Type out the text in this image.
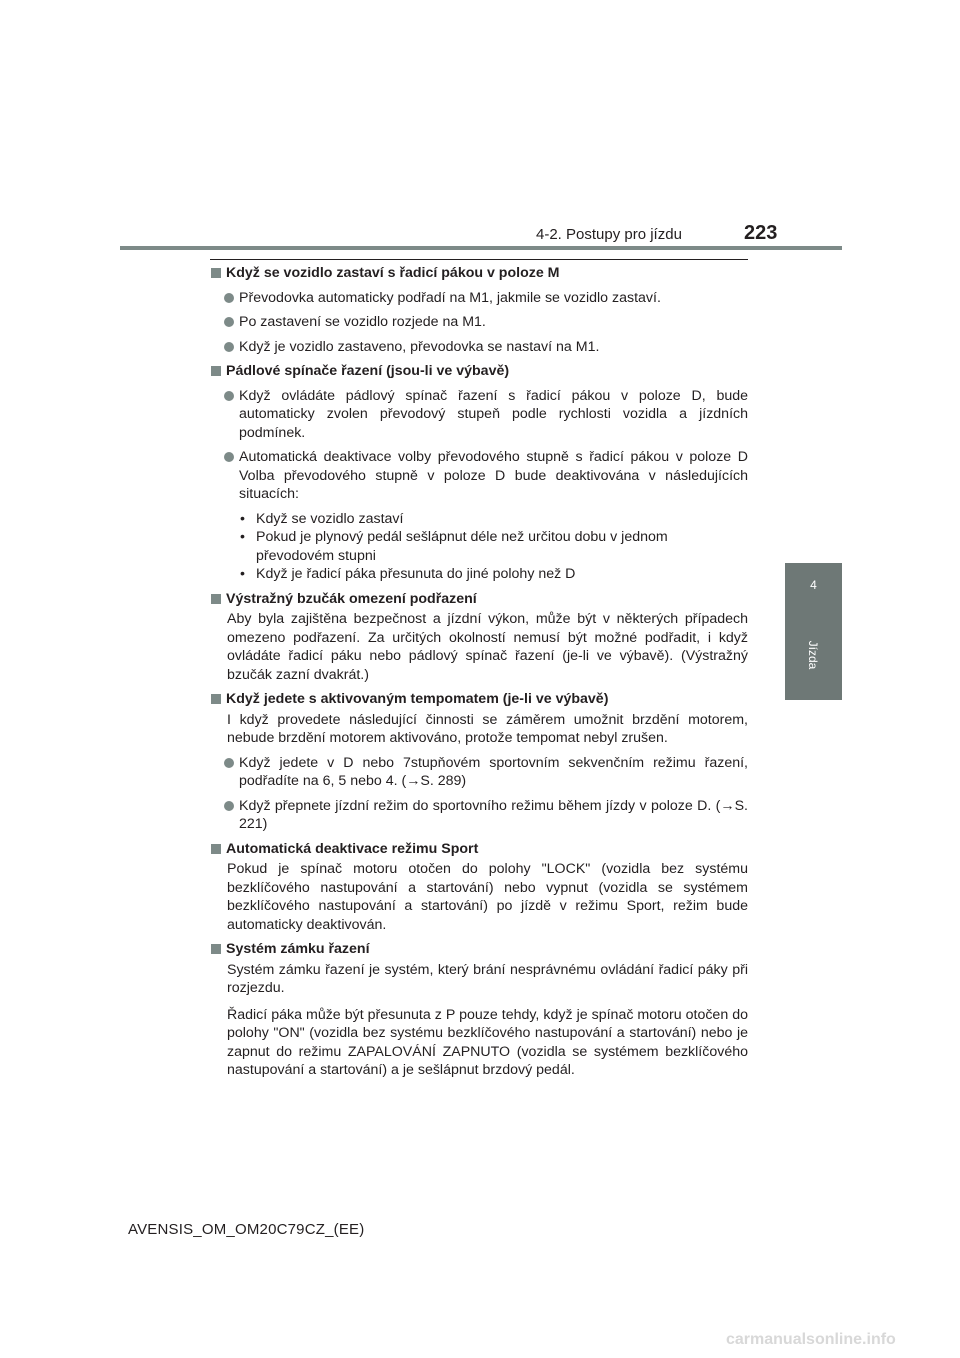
4-2. Postupy pro jízdu	223
4
Jízda
Když se vozidlo zastaví s řadicí pákou v poloze M
Převodovka automaticky podřadí na M1, jakmile se vozidlo zastaví.
Po zastavení se vozidlo rozjede na M1.
Když je vozidlo zastaveno, převodovka se nastaví na M1.
Pádlové spínače řazení (jsou-li ve výbavě)
Když ovládáte pádlový spínač řazení s řadicí pákou v poloze D, bude automaticky zvolen převodový stupeň podle rychlosti vozidla a jízdních podmínek.
Automatická deaktivace volby převodového stupně s řadicí pákou v poloze D Volba převodového stupně v poloze D bude deaktivována v následujících situacích:
• Když se vozidlo zastaví
• Pokud je plynový pedál sešlápnut déle než určitou dobu v jednom převodovém stupni
• Když je řadicí páka přesunuta do jiné polohy než D
Výstražný bzučák omezení podřazení
Aby byla zajištěna bezpečnost a jízdní výkon, může být v některých případech omezeno podřazení. Za určitých okolností nemusí být možné podřadit, i když ovládáte řadicí páku nebo pádlový spínač řazení (je-li ve výbavě). (Výstražný bzučák zazní dvakrát.)
Když jedete s aktivovaným tempomatem (je-li ve výbavě)
I když provedete následující činnosti se záměrem umožnit brzdění motorem, nebude brzdění motorem aktivováno, protože tempomat nebyl zrušen.
Když jedete v D nebo 7stupňovém sportovním sekvenčním režimu řazení, podřadíte na 6, 5 nebo 4. (→S. 289)
Když přepnete jízdní režim do sportovního režimu během jízdy v poloze D. (→S. 221)
Automatická deaktivace režimu Sport
Pokud je spínač motoru otočen do polohy "LOCK" (vozidla bez systému bezklíčového nastupování a startování) nebo vypnut (vozidla se systémem bezklíčového nastupování a startování) po jízdě v režimu Sport, režim bude automaticky deaktivován.
Systém zámku řazení
Systém zámku řazení je systém, který brání nesprávnému ovládání řadicí páky při rozjezdu.
Řadicí páka může být přesunuta z P pouze tehdy, když je spínač motoru otočen do polohy "ON" (vozidla bez systému bezklíčového nastupování a startování) nebo je zapnut do režimu ZAPALOVÁNÍ ZAPNUTO (vozidla se systémem bezklíčového nastupování a startování) a je sešlápnut brzdový pedál.
AVENSIS_OM_OM20C79CZ_(EE)
carmanualsonline.info
